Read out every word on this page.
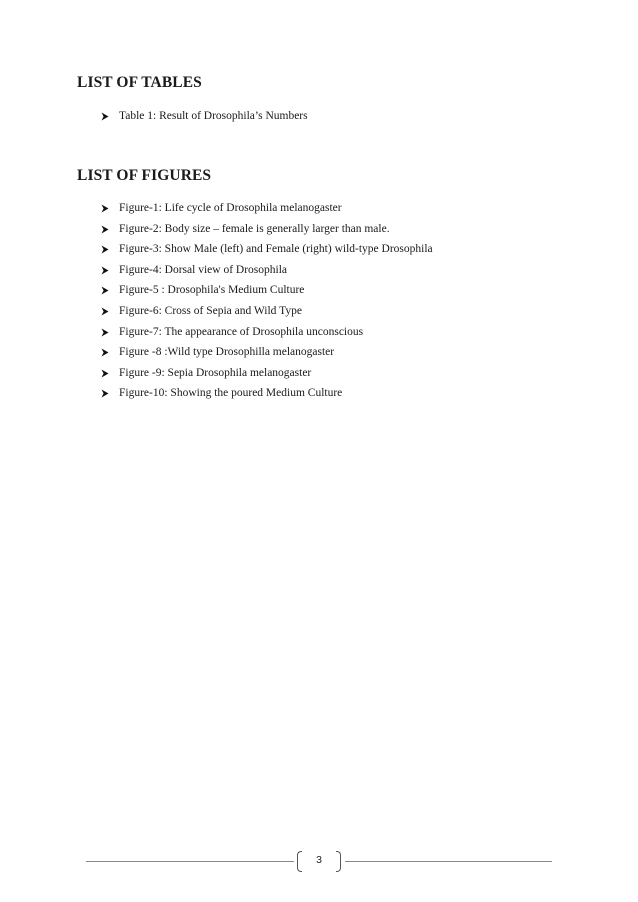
LIST OF TABLES
Table 1: Result of Drosophila’s Numbers
LIST OF FIGURES
Figure-1: Life cycle of Drosophila melanogaster
Figure-2: Body size – female is generally larger than male.
Figure-3: Show Male (left) and Female (right) wild-type Drosophila
Figure-4: Dorsal view of Drosophila
Figure-5 : Drosophila's Medium Culture
Figure-6: Cross of Sepia and Wild Type
Figure-7: The appearance of Drosophila unconscious
Figure -8 :Wild type Drosophilla melanogaster
Figure -9: Sepia Drosophila melanogaster
Figure-10: Showing the poured Medium Culture
3
